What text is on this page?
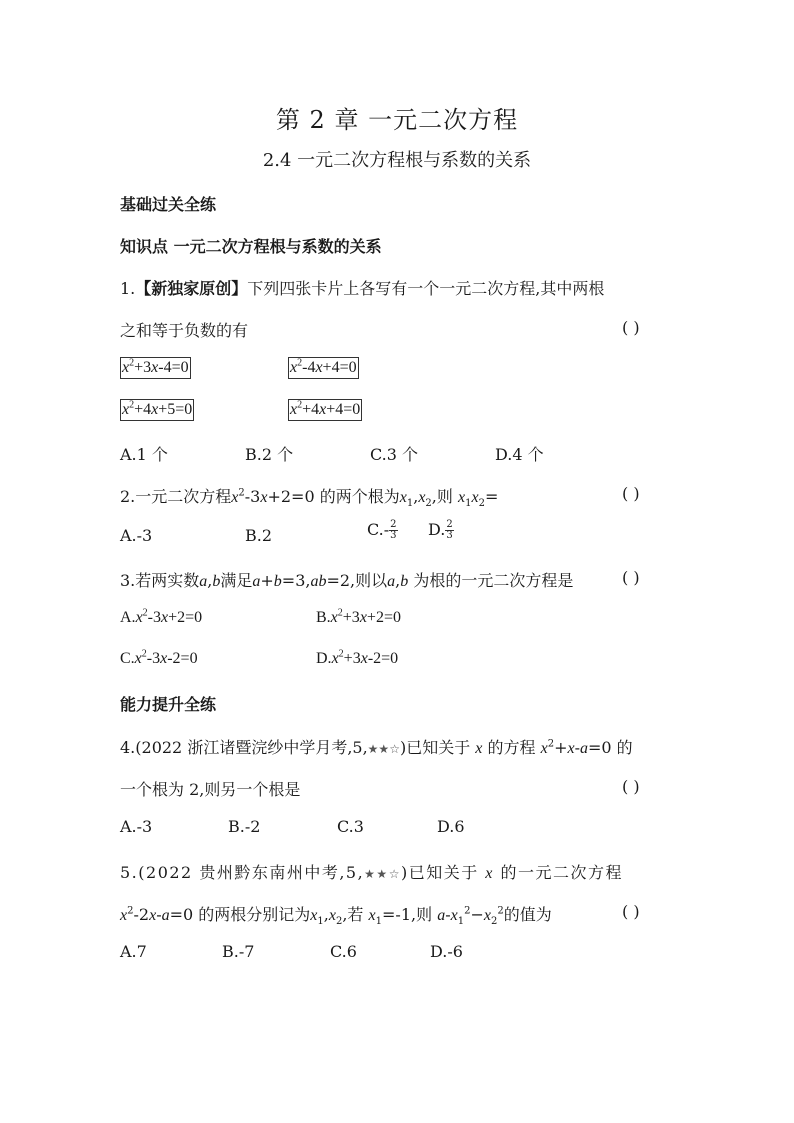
第 2 章 一元二次方程
2.4 一元二次方程根与系数的关系
基础过关全练
知识点 一元二次方程根与系数的关系
1.【新独家原创】下列四张卡片上各写有一个一元二次方程,其中两根
之和等于负数的有	( )
$x^2+3x-4=0$	$x^2-4x+4=0$
$x^2+4x+5=0$	$x^2+4x+4=0$
A.1 个	B.2 个	C.3 个	D.4 个
2.一元二次方程$x^2-3x+2=0$ 的两个根为$x_1,x_2$,则 $x_1x_2=$	( )
A.-3	B.2	$C.- \frac{2}{3} D$. $\frac{2}{3}$
3.若两实数a,b满足a+b=3,ab=2,则以a,b 为根的一元二次方程是	( )
$A.x^2-3x+2=0$	$B.x^2+3x+2=0$
$C.x^2-3x-2=0$	$D.x^2+3x-2=0$
能力提升全练
4.(2022 浙江诸暨浣纱中学月考,5,★★☆)已知关于 x 的方程 $x^2+x-a=0$ 的
一个根为 2,则另一个根是	( )
A.-3	B.-2	C.3	D.6
5.(2022 贵州黔东南州中考,5,★★☆)已知关于 x 的一元二次方程
$x^2-2x-a=0$ 的两根分别记为$x_1,x_2$,若 $x_1=-1$,则 $a-x_1^2-x_2^2$的值为	( )
A.7	B.-7	C.6	D.-6
